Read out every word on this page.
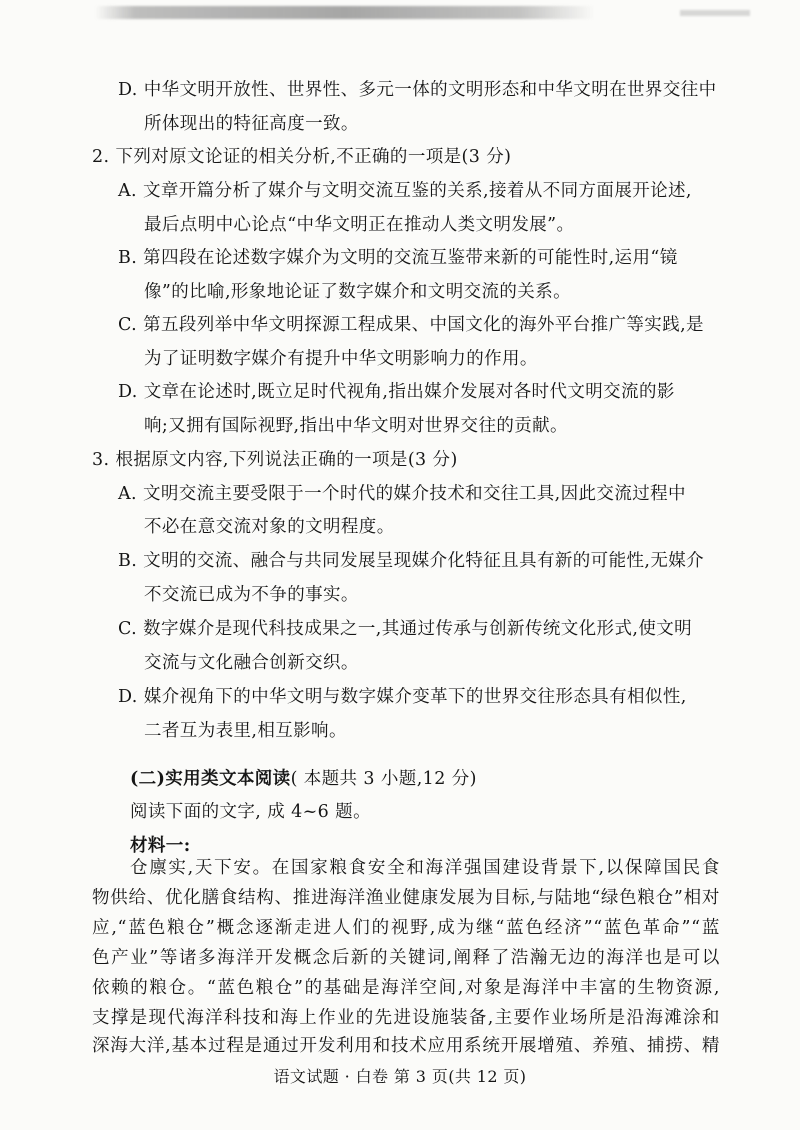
D. 中华文明开放性、世界性、多元一体的文明形态和中华文明在世界交往中
所体现出的特征高度一致。
2. 下列对原文论证的相关分析,不正确的一项是(3 分)
A. 文章开篇分析了媒介与文明交流互鉴的关系,接着从不同方面展开论述,
最后点明中心论点“中华文明正在推动人类文明发展”。
B. 第四段在论述数字媒介为文明的交流互鉴带来新的可能性时,运用“镜
像”的比喻,形象地论证了数字媒介和文明交流的关系。
C. 第五段列举中华文明探源工程成果、中国文化的海外平台推广等实践,是
为了证明数字媒介有提升中华文明影响力的作用。
D. 文章在论述时,既立足时代视角,指出媒介发展对各时代文明交流的影
响;又拥有国际视野,指出中华文明对世界交往的贡献。
3. 根据原文内容,下列说法正确的一项是(3 分)
A. 文明交流主要受限于一个时代的媒介技术和交往工具,因此交流过程中
不必在意交流对象的文明程度。
B. 文明的交流、融合与共同发展呈现媒介化特征且具有新的可能性,无媒介
不交流已成为不争的事实。
C. 数字媒介是现代科技成果之一,其通过传承与创新传统文化形式,使文明
交流与文化融合创新交织。
D. 媒介视角下的中华文明与数字媒介变革下的世界交往形态具有相似性,
二者互为表里,相互影响。
(二)实用类文本阅读( 本题共 3 小题,12 分)
阅读下面的文字, 成 4~6 题。
材料一:
仓廪实,天下安。在国家粮食安全和海洋强国建设背景下,以保障国民食
物供给、优化膳食结构、推进海洋渔业健康发展为目标,与陆地“绿色粮仓”相对
应,“蓝色粮仓”概念逐渐走进人们的视野,成为继“蓝色经济”“蓝色革命”“蓝
色产业”等诸多海洋开发概念后新的关键词,阐释了浩瀚无边的海洋也是可以
依赖的粮仓。“蓝色粮仓”的基础是海洋空间,对象是海洋中丰富的生物资源,
支撑是现代海洋科技和海上作业的先进设施装备,主要作业场所是沿海滩涂和
语文试题 · 白卷 第 3 页(共 12 页)
深海大洋,基本过程是通过开发利用和技术应用系统开展增殖、养殖、捕捞、精
